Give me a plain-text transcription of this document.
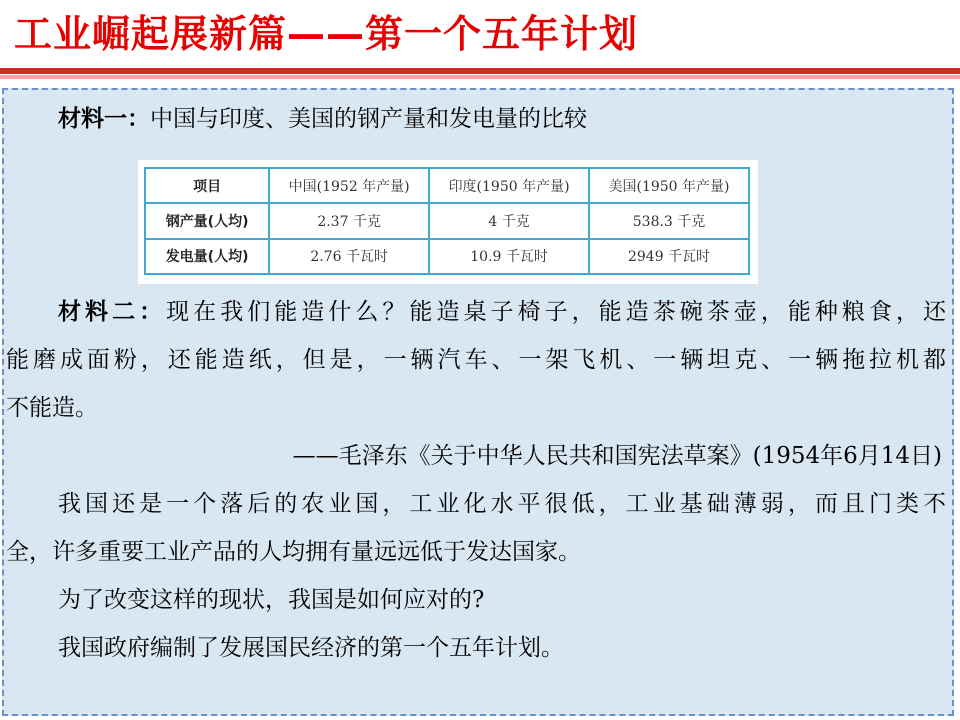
工业崛起展新篇——第一个五年计划
材料一：中国与印度、美国的钢产量和发电量的比较
项目	中国(1952 年产量)	印度(1950 年产量)	美国(1950 年产量)
钢产量(人均)	2.37 千克	4 千克	538.3 千克
发电量(人均)	2.76 千瓦时	10.9 千瓦时	2949 千瓦时
材料二：现在我们能造什么？能造桌子椅子，能造茶碗茶壶，能种粮食，还
能磨成面粉，还能造纸，但是，一辆汽车、一架飞机、一辆坦克、一辆拖拉机都
不能造。
——毛泽东《关于中华人民共和国宪法草案》(1954年6月14日)
我国还是一个落后的农业国，工业化水平很低，工业基础薄弱，而且门类不
全，许多重要工业产品的人均拥有量远远低于发达国家。
为了改变这样的现状，我国是如何应对的?
我国政府编制了发展国民经济的第一个五年计划。
